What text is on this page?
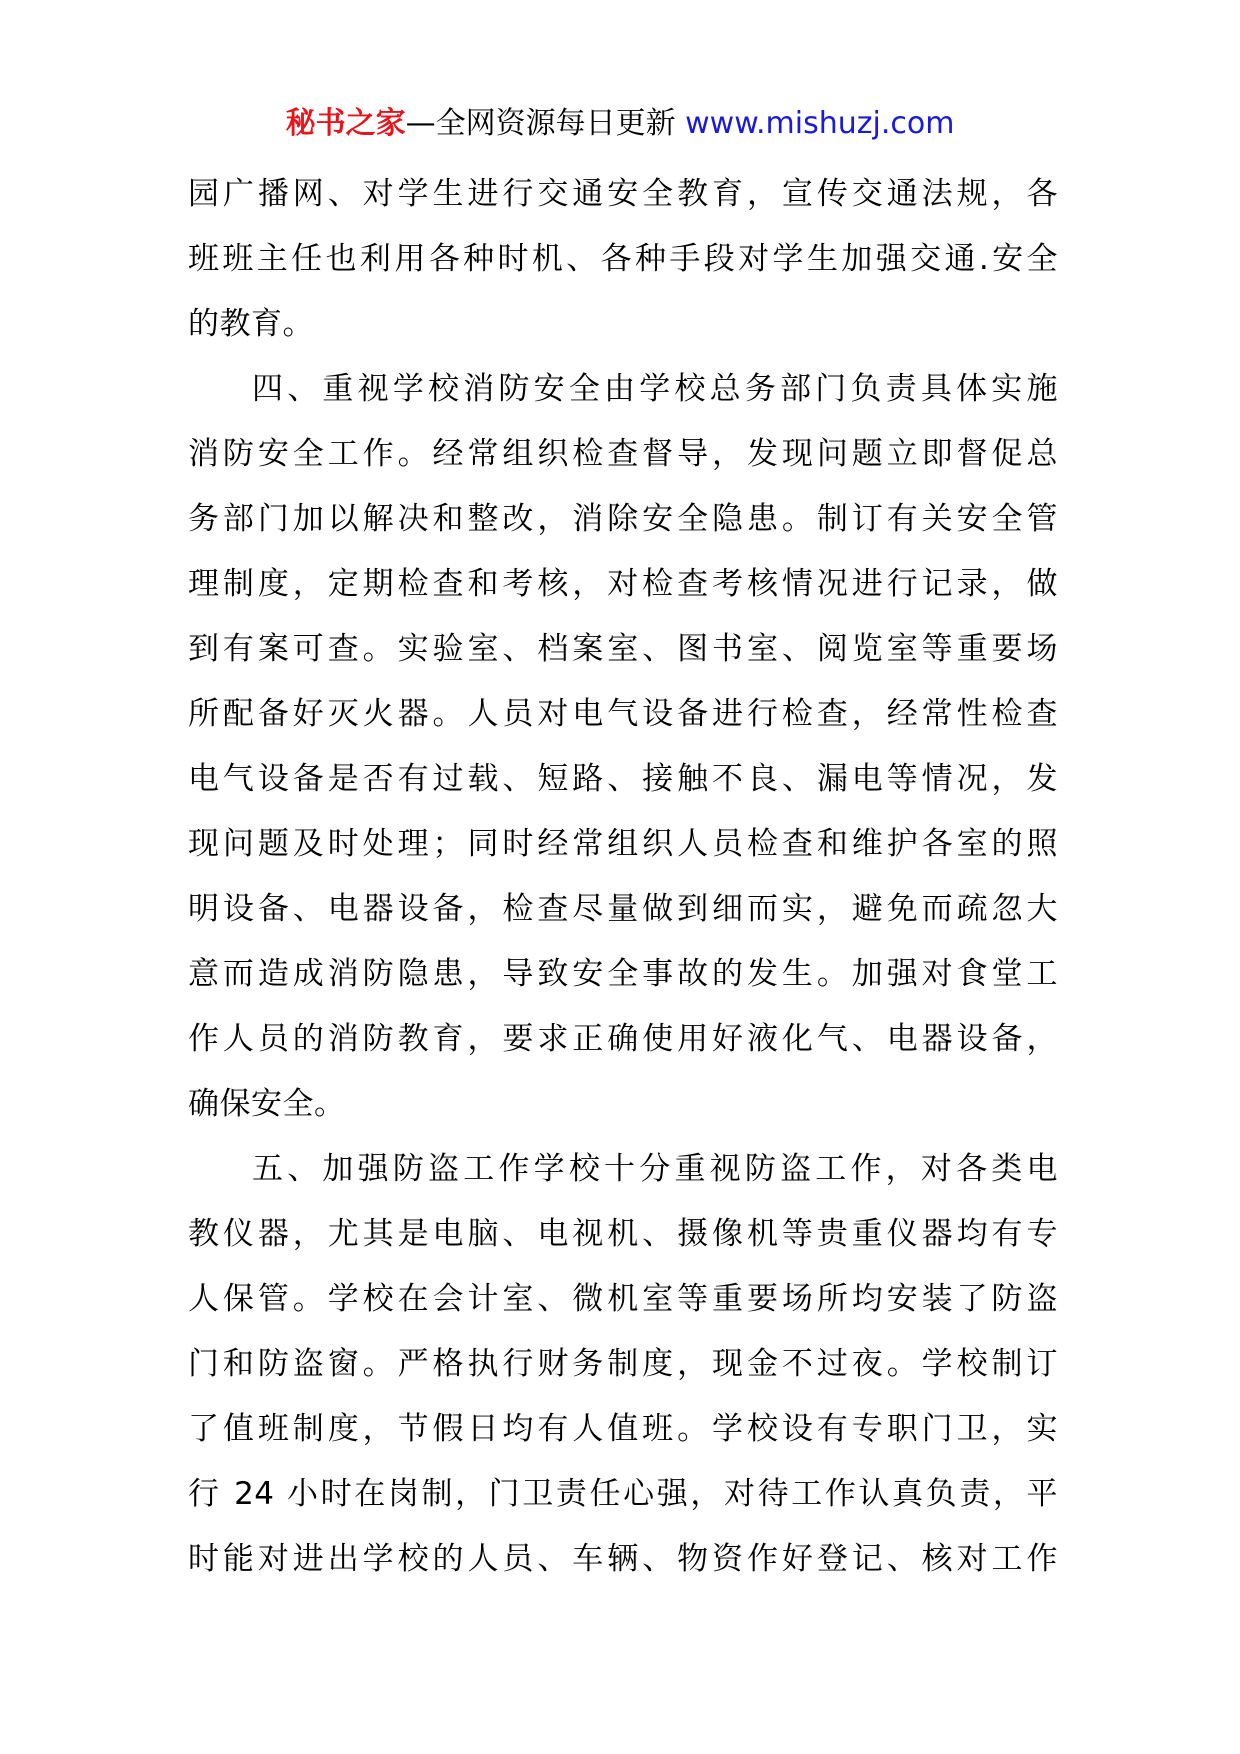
秘书之家—全网资源每日更新 www.mishuzj.com
园广播网、对学生进行交通安全教育，宣传交通法规，各
班班主任也利用各种时机、各种手段对学生加强交通.安全
的教育。
四、重视学校消防安全由学校总务部门负责具体实施
消防安全工作。经常组织检查督导，发现问题立即督促总
务部门加以解决和整改，消除安全隐患。制订有关安全管
理制度，定期检查和考核，对检查考核情况进行记录，做
到有案可查。实验室、档案室、图书室、阅览室等重要场
所配备好灭火器。人员对电气设备进行检查，经常性检查
电气设备是否有过载、短路、接触不良、漏电等情况，发
现问题及时处理；同时经常组织人员检查和维护各室的照
明设备、电器设备，检查尽量做到细而实，避免而疏忽大
意而造成消防隐患，导致安全事故的发生。加强对食堂工
作人员的消防教育，要求正确使用好液化气、电器设备，
确保安全。
五、加强防盗工作学校十分重视防盗工作，对各类电
教仪器，尤其是电脑、电视机、摄像机等贵重仪器均有专
人保管。学校在会计室、微机室等重要场所均安装了防盗
门和防盗窗。严格执行财务制度，现金不过夜。学校制订
了值班制度，节假日均有人值班。学校设有专职门卫，实
行 24 小时在岗制，门卫责任心强，对待工作认真负责，平
时能对进出学校的人员、车辆、物资作好登记、核对工作
